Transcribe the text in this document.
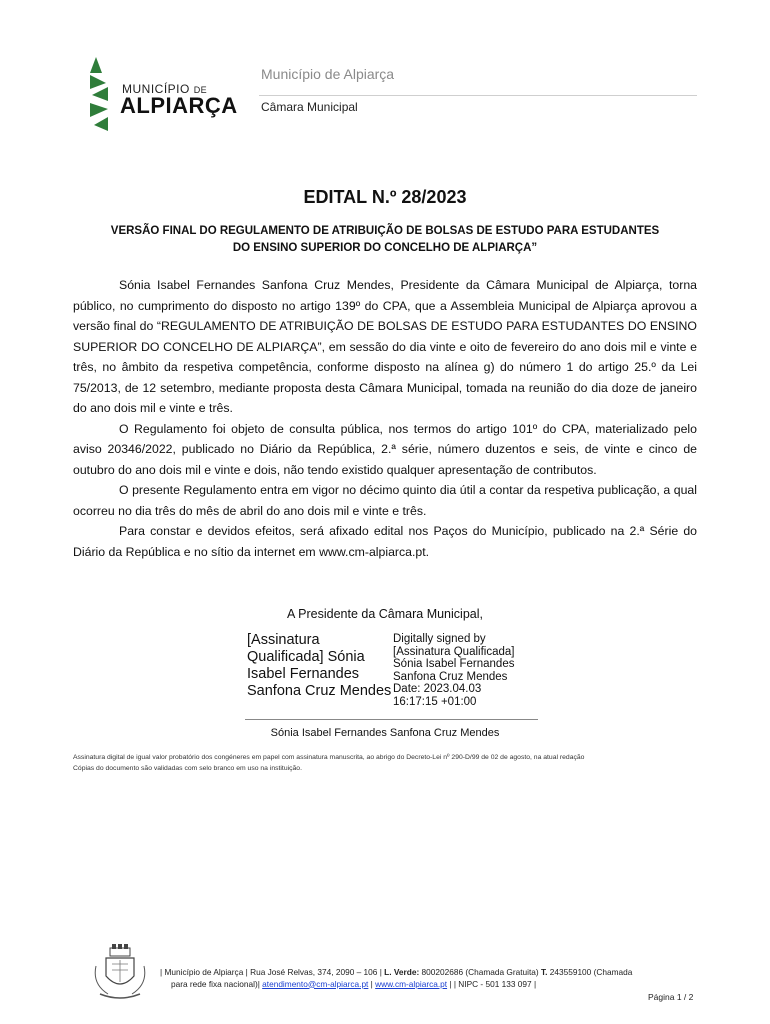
MUNICÍPIO DE
ALPIARÇA
Município de Alpiarça
Câmara Municipal
EDITAL N.º 28/2023
VERSÃO FINAL DO REGULAMENTO DE ATRIBUIÇÃO DE BOLSAS DE ESTUDO PARA ESTUDANTES
DO ENSINO SUPERIOR DO CONCELHO DE ALPIARÇA”

Sónia Isabel Fernandes Sanfona Cruz Mendes, Presidente da Câmara Municipal de Alpiarça, torna público, no cumprimento do disposto no artigo 139º do CPA, que a Assembleia Municipal de Alpiarça aprovou a versão final do “REGULAMENTO DE ATRIBUIÇÃO DE BOLSAS DE ESTUDO PARA ESTUDANTES DO ENSINO SUPERIOR DO CONCELHO DE ALPIARÇA”, em sessão do dia vinte e oito de fevereiro do ano dois mil e vinte e três, no âmbito da respetiva competência, conforme disposto na alínea g) do número 1 do artigo 25.º da Lei 75/2013, de 12 setembro, mediante proposta desta Câmara Municipal, tomada na reunião do dia doze de janeiro do ano dois mil e vinte e três.

O Regulamento foi objeto de consulta pública, nos termos do artigo 101º do CPA, materializado pelo aviso 20346/2022, publicado no Diário da República, 2.ª série, número duzentos e seis, de vinte e cinco de outubro do ano dois mil e vinte e dois, não tendo existido qualquer apresentação de contributos.

O presente Regulamento entra em vigor no décimo quinto dia útil a contar da respetiva publicação, a qual ocorreu no dia três do mês de abril do ano dois mil e vinte e três.

Para constar e devidos efeitos, será afixado edital nos Paços do Município, publicado na 2.ª Série do Diário da República e no sítio da internet em www.cm-alpiarca.pt.

A Presidente da Câmara Municipal,
[Assinatura Qualificada] Sónia Isabel Fernandes Sanfona Cruz Mendes
Digitally signed by
[Assinatura Qualificada]
Sónia Isabel Fernandes
Sanfona Cruz Mendes
Date: 2023.04.03
16:17:15 +01:00
Sónia Isabel Fernandes Sanfona Cruz Mendes
Assinatura digital de igual valor probatório dos congéneres em papel com assinatura manuscrita, ao abrigo do Decreto-Lei nº 290-D/99 de 02 de agosto, na atual redação
Cópias do documento são validadas com selo branco em uso na instituição.
| Município de Alpiarça | Rua José Relvas, 374, 2090 – 106 | L. Verde: 800202686 (Chamada Gratuita) T. 243559100 (Chamada
para rede fixa nacional)| atendimento@cm-alpiarca.pt | www.cm-alpiarca.pt | | NIPC - 501 133 097 |
Página 1 / 2
